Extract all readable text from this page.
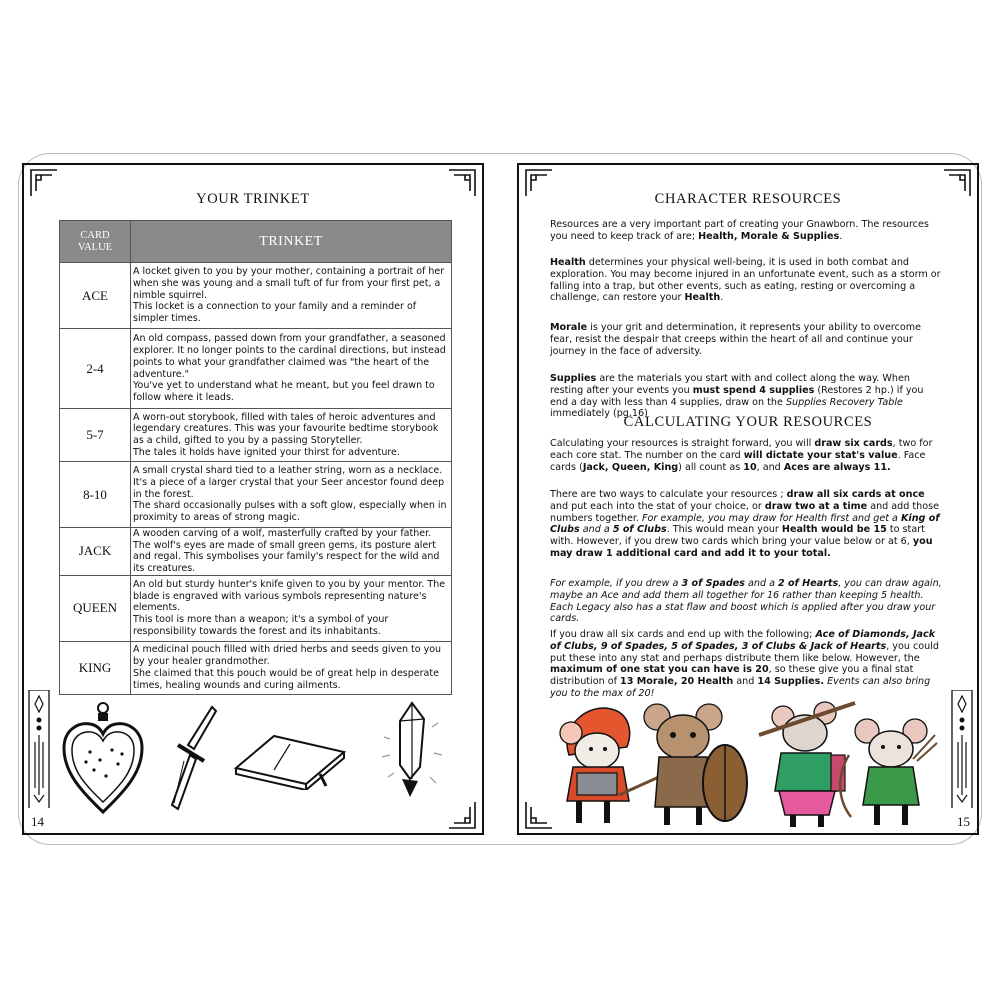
YOUR TRINKET
CARD
VALUE	TRINKET
ACE	A locket given to you by your mother, containing a portrait of her when she was young and a small tuft of fur from your first pet, a nimble squirrel.

This locket is a connection to your family and a reminder of simpler times.

2-4	An old compass, passed down from your grandfather, a seasoned explorer. It no longer points to the cardinal directions, but instead points to what your grandfather claimed was "the heart of the adventure."

You've yet to understand what he meant, but you feel drawn to follow where it leads.

5-7	A worn-out storybook, filled with tales of heroic adventures and legendary creatures. This was your favourite bedtime storybook as a child, gifted to you by a passing Storyteller.

The tales it holds have ignited your thirst for adventure.

8-10	A small crystal shard tied to a leather string, worn as a necklace. It's a piece of a larger crystal that your Seer ancestor found deep in the forest.

The shard occasionally pulses with a soft glow, especially when in proximity to areas of strong magic.

JACK	A wooden carving of a wolf, masterfully crafted by your father. The wolf's eyes are made of small green gems, its posture alert and regal. This symbolises your family's respect for the wild and its creatures.

QUEEN	An old but sturdy hunter's knife given to you by your mentor. The blade is engraved with various symbols representing nature's elements.

This tool is more than a weapon; it's a symbol of your responsibility towards the forest and its inhabitants.

KING	A medicinal pouch filled with dried herbs and seeds given to you by your healer grandmother.

She claimed that this pouch would be of great help in desperate times, healing wounds and curing ailments.

14
CHARACTER RESOURCES

Resources are a very important part of creating your Gnawborn. The resources you need to keep track of are; Health, Morale & Supplies.

Health determines your physical well-being, it is used in both combat and exploration. You may become injured in an unfortunate event, such as a storm or falling into a trap, but other events, such as eating, resting or overcoming a challenge, can restore your Health.

Morale is your grit and determination, it represents your ability to overcome fear, resist the despair that creeps within the heart of all and continue your journey in the face of adversity.

Supplies are the materials you start with and collect along the way. When resting after your events you must spend 4 supplies (Restores 2 hp.) if you end a day with less than 4 supplies, draw on the Supplies Recovery Table immediately (pg.16)

CALCULATING YOUR RESOURCES

Calculating your resources is straight forward, you will draw six cards, two for each core stat. The number on the card will dictate your stat's value. Face cards (Jack, Queen, King) all count as 10, and Aces are always 11.

There are two ways to calculate your resources ; draw all six cards at once and put each into the stat of your choice, or draw two at a time and add those numbers together. For example, you may draw for Health first and get a King of Clubs and a 5 of Clubs. This would mean your Health would be 15 to start with. However, if you drew two cards which bring your value below or at 6, you may draw 1 additional card and add it to your total.

For example, if you drew a 3 of Spades and a 2 of Hearts, you can draw again, maybe an Ace and add them all together for 16 rather than keeping 5 health. Each Legacy also has a stat flaw and boost which is applied after you draw your cards.

If you draw all six cards and end up with the following; Ace of Diamonds, Jack of Clubs, 9 of Spades, 5 of Spades, 3 of Clubs & Jack of Hearts, you could put these into any stat and perhaps distribute them like below. However, the maximum of one stat you can have is 20, so these give you a final stat distribution of 13 Morale, 20 Health and 14 Supplies. Events can also bring you to the max of 20!

15
